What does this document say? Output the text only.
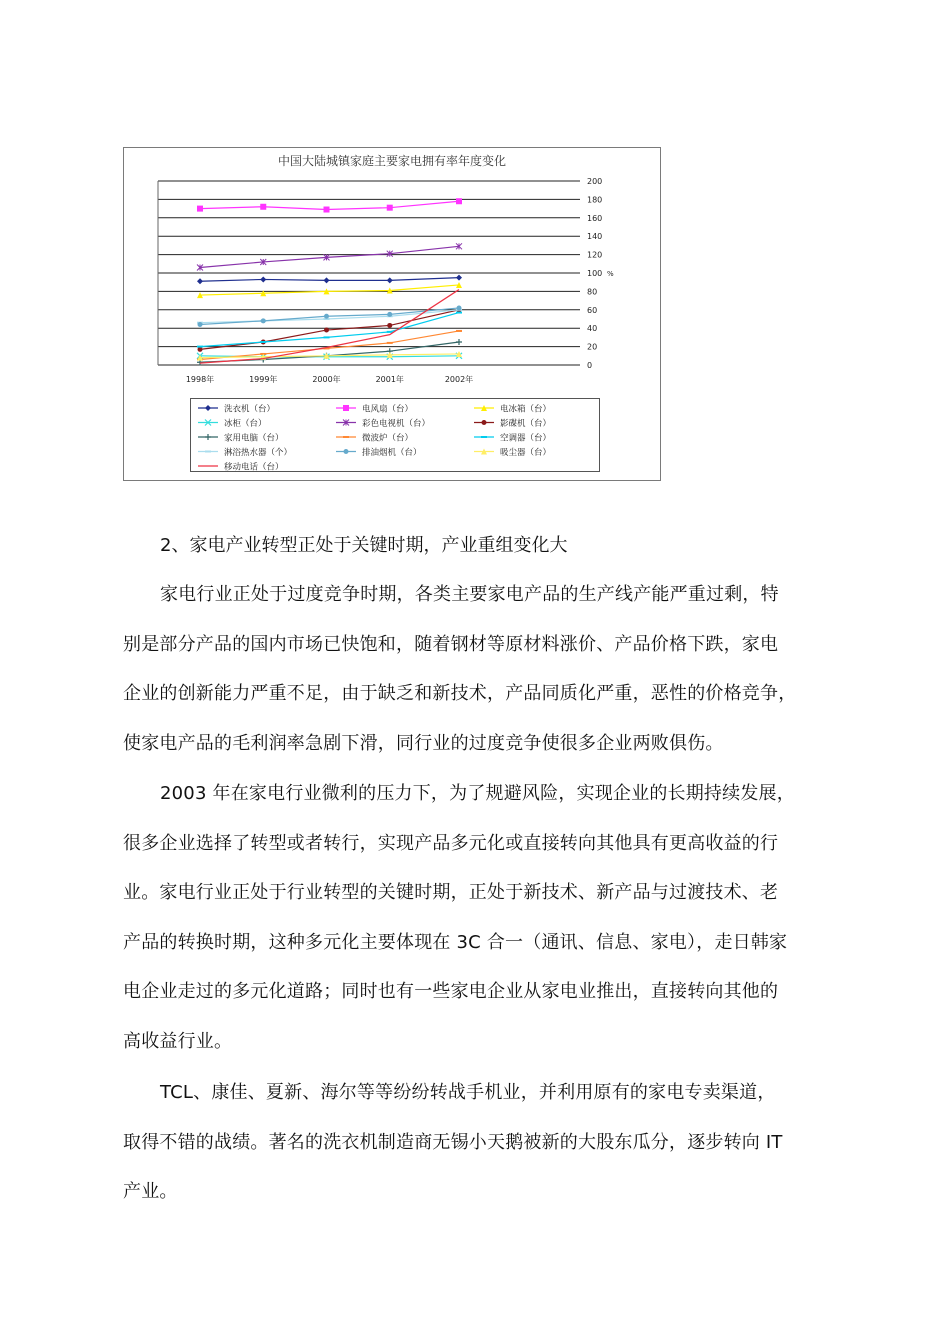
中国大陆城镇家庭主要家电拥有率年度变化
200
180
160
140
120
100
80
60
40
20
0
%
1998年	1999年	2000年	2001年	2002年
洗衣机（台）	电风扇（台）	电冰箱（台）
冰柜（台）	彩色电视机（台）	影碟机（台）
家用电脑（台）	微波炉（台）	空调器（台）
淋浴热水器（个）	排油烟机（台）	吸尘器（台）
移动电话（台）
2、家电产业转型正处于关键时期，产业重组变化大
家电行业正处于过度竞争时期，各类主要家电产品的生产线产能严重过剩，特
别是部分产品的国内市场已快饱和，随着钢材等原材料涨价、产品价格下跌，家电
企业的创新能力严重不足，由于缺乏和新技术，产品同质化严重，恶性的价格竞争，
使家电产品的毛利润率急剧下滑，同行业的过度竞争使很多企业两败俱伤。
2003 年在家电行业微利的压力下，为了规避风险，实现企业的长期持续发展，
很多企业选择了转型或者转行，实现产品多元化或直接转向其他具有更高收益的行
业。家电行业正处于行业转型的关键时期，正处于新技术、新产品与过渡技术、老
产品的转换时期，这种多元化主要体现在 3C 合一（通讯、信息、家电），走日韩家
电企业走过的多元化道路；同时也有一些家电企业从家电业推出，直接转向其他的
高收益行业。
TCL、康佳、夏新、海尔等等纷纷转战手机业，并利用原有的家电专卖渠道，
取得不错的战绩。著名的洗衣机制造商无锡小天鹅被新的大股东瓜分，逐步转向 IT
产业。
